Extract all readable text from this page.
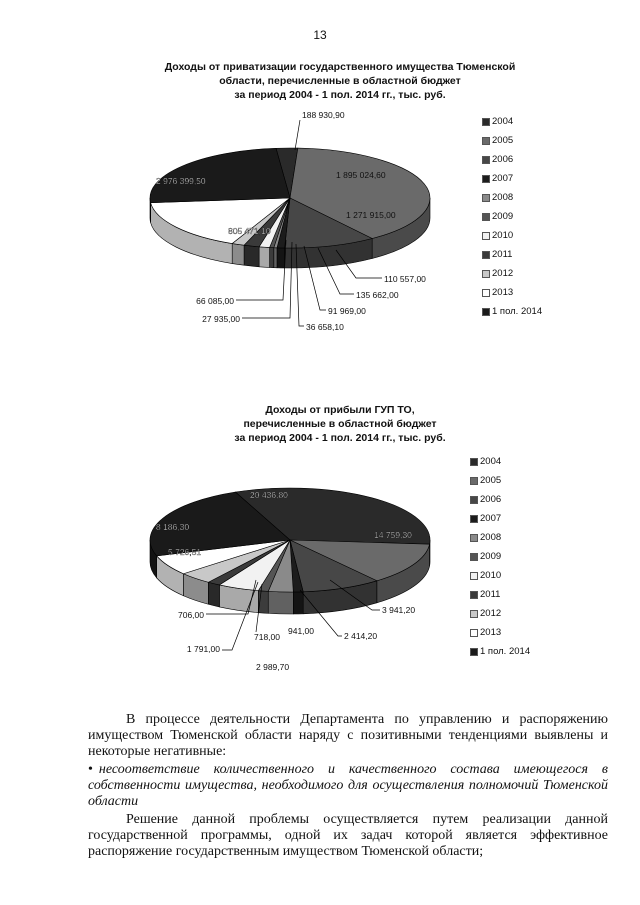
13
Доходы от приватизации государственного имущества Тюменской
области, перечисленные в областной бюджет
за период 2004 - 1 пол. 2014 гг., тыс. руб.
Доходы от прибыли ГУП ТО,
перечисленные в областной бюджет
за период 2004 - 1 пол. 2014 гг., тыс. руб.
188 930,90
2 976 399,50
805 471,10
66 085,00
27 935,00
36 658,10
91 969,00
135 662,00
110 557,00
1 271 915,00
1 895 024,60
20 436,80
8 186,30
5 726,51
706,00
1 791,00
718,00
2 989,70
941,00	2 414,20
3 941,20
14 759,30
2004
2005
2006
2007
2008
2009
2010
2011
2012
2013
1 пол. 2014
2004
2005
2006
2007
2008
2009
2010
2011
2012
2013
1 пол. 2014
В процессе деятельности Департамента по управлению и распоряжению имуществом Тюменской области наряду с позитивными тенденциями выявлены и некоторые негативные:
• несоответствие количественного и качественного состава имеющегося в собственности имущества, необходимого для осуществления полномочий Тюменской области
Решение данной проблемы осуществляется путем реализации данной государственной программы, одной их задач которой является эффективное распоряжение государственным имуществом Тюменской области;
